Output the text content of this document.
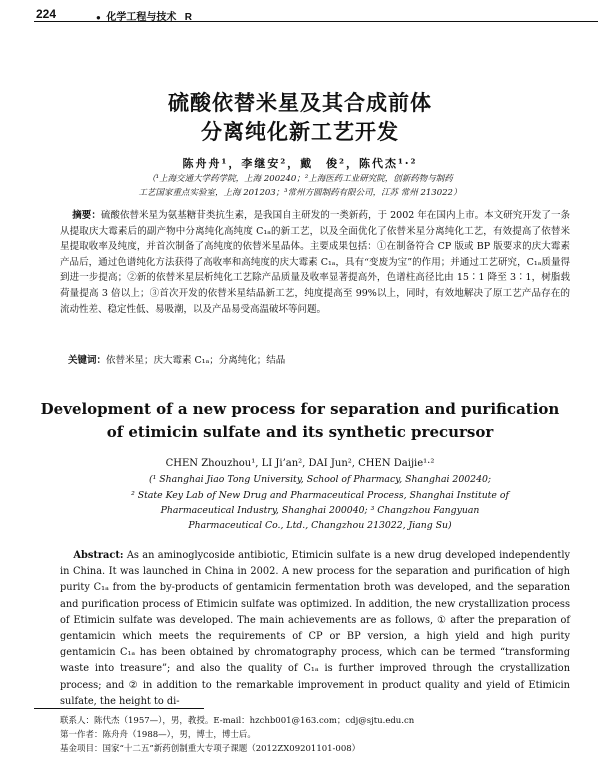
224	● 化学工程与技术 R
硫酸依替米星及其合成前体
分离纯化新工艺开发
陈舟舟¹，李继安²，戴　俊²，陈代杰¹·²
（¹上海交通大学药学院，上海 200240；²上海医药工业研究院，创新药物与制药
工艺国家重点实验室，上海 201203；³常州方圆制药有限公司，江苏 常州 213022）

摘要：硫酸依替米星为氨基糖苷类抗生素，是我国自主研发的一类新药，于 2002 年在国内上市。本文研究开发了一条从提取庆大霉素后的副产物中分离纯化高纯度 C₁ₐ的新工艺，以及全面优化了依替米星分离纯化工艺，有效提高了依替米星提取收率及纯度，并首次制备了高纯度的依替米星晶体。主要成果包括：①在制备符合 CP 版或 BP 版要求的庆大霉素产品后，通过色谱纯化方法获得了高收率和高纯度的庆大霉素 C₁ₐ，具有“变废为宝”的作用；并通过工艺研究，C₁ₐ质量得到进一步提高；②新的依替米星层析纯化工艺除产品质量及收率显著提高外，色谱柱高径比由 15∶1 降至 3∶1，树脂载荷量提高 3 倍以上；③首次开发的依替米星结晶新工艺，纯度提高至 99%以上，同时，有效地解决了原工艺产品存在的流动性差、稳定性低、易吸潮，以及产品易受高温破坏等问题。

关键词：依替米星；庆大霉素 C₁ₐ；分离纯化；结晶
Development of a new process for separation and purification
of etimicin sulfate and its synthetic precursor
CHEN Zhouzhou¹, LI Ji’an², DAI Jun², CHEN Daijie¹·²
(¹ Shanghai Jiao Tong University, School of Pharmacy, Shanghai 200240;
² State Key Lab of New Drug and Pharmaceutical Process, Shanghai Institute of
Pharmaceutical Industry, Shanghai 200040; ³ Changzhou Fangyuan
Pharmaceutical Co., Ltd., Changzhou 213022, Jiang Su)

Abstract: As an aminoglycoside antibiotic, Etimicin sulfate is a new drug developed independently in China. It was launched in China in 2002. A new process for the separation and purification of high purity C₁ₐ from the by-products of gentamicin fermentation broth was developed, and the separation and purification process of Etimicin sulfate was optimized. In addition, the new crystallization process of Etimicin sulfate was developed. The main achievements are as follows, ① after the preparation of gentamicin which meets the requirements of CP or BP version, a high yield and high purity gentamicin C₁ₐ has been obtained by chromatography process, which can be termed “transforming waste into treasure”; and also the quality of C₁ₐ is further improved through the crystallization process; and ② in addition to the remarkable improvement in product quality and yield of Etimicin sulfate, the height to di-

联系人：陈代杰（1957—），男，教授。E-mail：hzchb001@163.com；cdj@sjtu.edu.cn
第一作者：陈舟舟（1988—），男，博士，博士后。
基金项目：国家“十二五”新药创制重大专项子课题（2012ZX09201101-008）
